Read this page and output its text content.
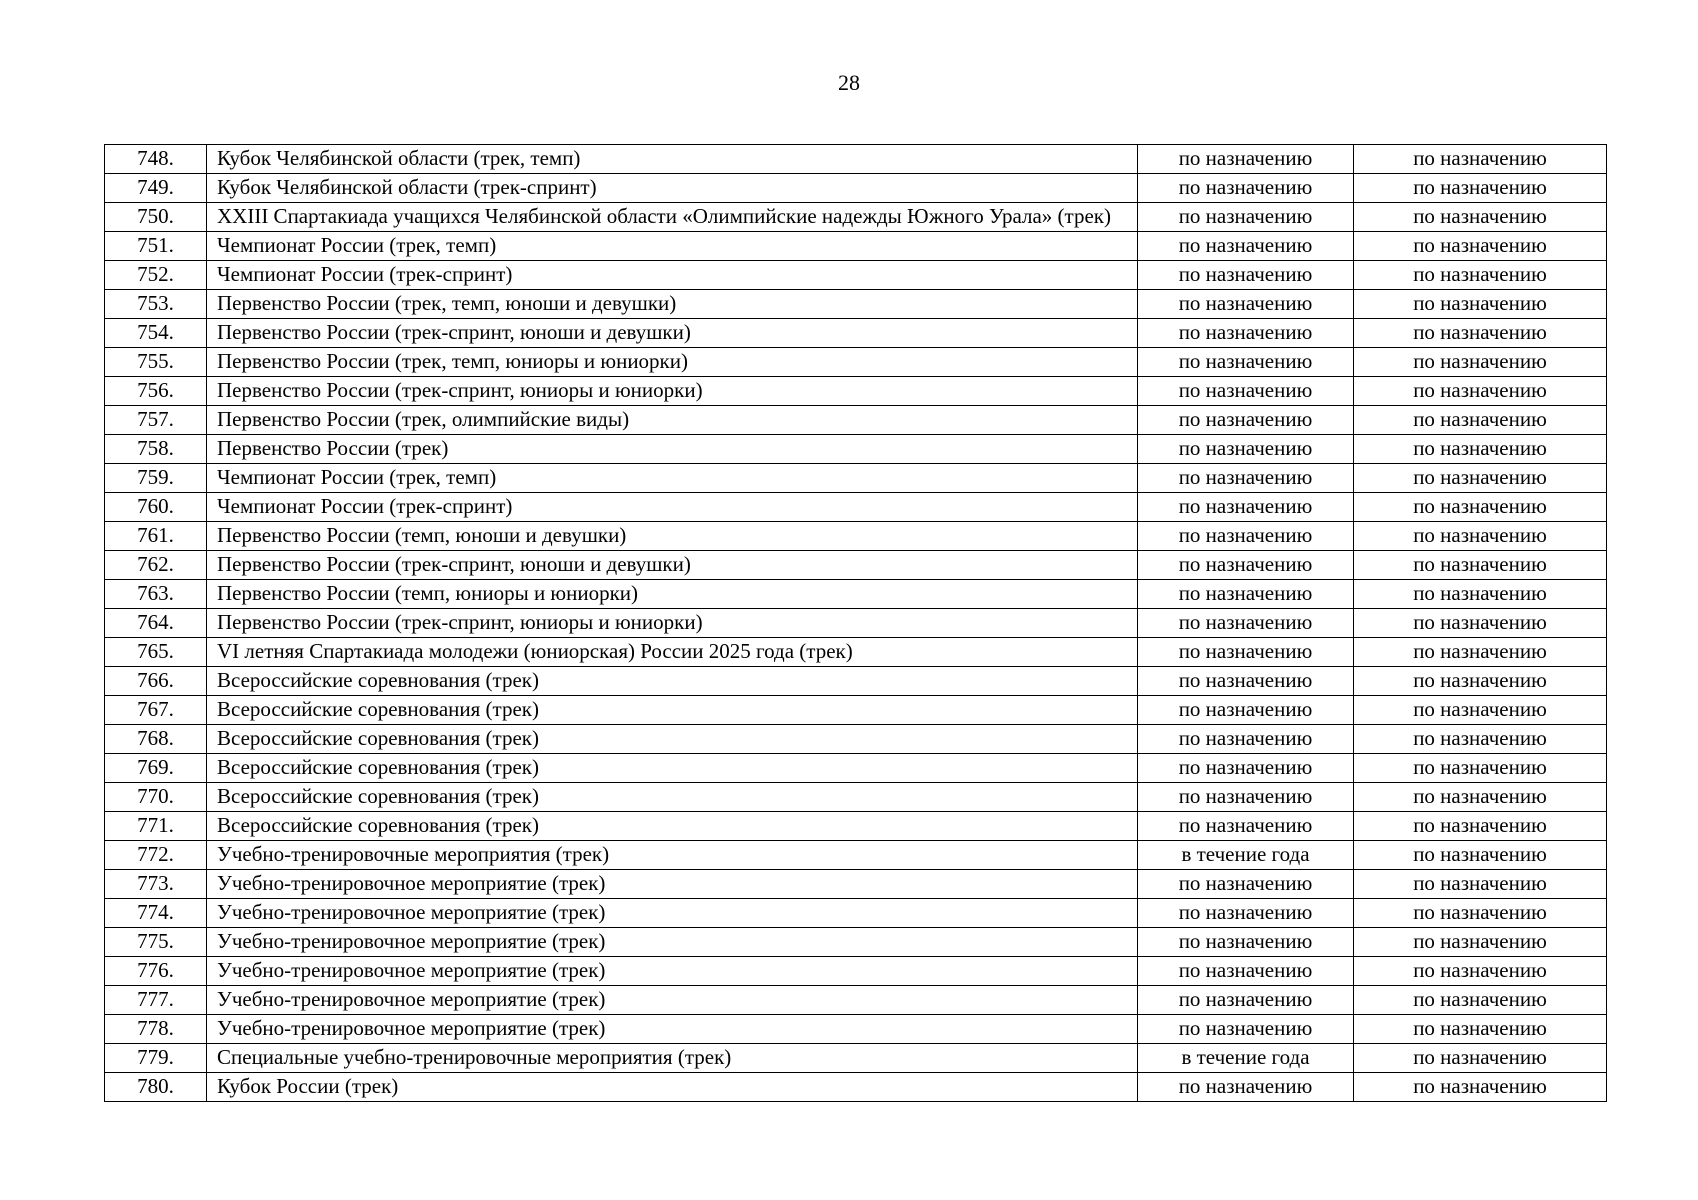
28
748.	Кубок Челябинской области (трек, темп)	по назначению	по назначению
749.	Кубок Челябинской области (трек-спринт)	по назначению	по назначению
750.	XXIII Спартакиада учащихся Челябинской области «Олимпийские надежды Южного Урала» (трек)	по назначению	по назначению
751.	Чемпионат России (трек, темп)	по назначению	по назначению
752.	Чемпионат России (трек-спринт)	по назначению	по назначению
753.	Первенство России (трек, темп, юноши и девушки)	по назначению	по назначению
754.	Первенство России (трек-спринт, юноши и девушки)	по назначению	по назначению
755.	Первенство России (трек, темп, юниоры и юниорки)	по назначению	по назначению
756.	Первенство России (трек-спринт, юниоры и юниорки)	по назначению	по назначению
757.	Первенство России (трек, олимпийские виды)	по назначению	по назначению
758.	Первенство России (трек)	по назначению	по назначению
759.	Чемпионат России (трек, темп)	по назначению	по назначению
760.	Чемпионат России (трек-спринт)	по назначению	по назначению
761.	Первенство России (темп, юноши и девушки)	по назначению	по назначению
762.	Первенство России (трек-спринт, юноши и девушки)	по назначению	по назначению
763.	Первенство России (темп, юниоры и юниорки)	по назначению	по назначению
764.	Первенство России (трек-спринт, юниоры и юниорки)	по назначению	по назначению
765.	VI летняя Спартакиада молодежи (юниорская) России 2025 года (трек)	по назначению	по назначению
766.	Всероссийские соревнования (трек)	по назначению	по назначению
767.	Всероссийские соревнования (трек)	по назначению	по назначению
768.	Всероссийские соревнования (трек)	по назначению	по назначению
769.	Всероссийские соревнования (трек)	по назначению	по назначению
770.	Всероссийские соревнования (трек)	по назначению	по назначению
771.	Всероссийские соревнования (трек)	по назначению	по назначению
772.	Учебно-тренировочные мероприятия (трек)	в течение года	по назначению
773.	Учебно-тренировочное мероприятие (трек)	по назначению	по назначению
774.	Учебно-тренировочное мероприятие (трек)	по назначению	по назначению
775.	Учебно-тренировочное мероприятие (трек)	по назначению	по назначению
776.	Учебно-тренировочное мероприятие (трек)	по назначению	по назначению
777.	Учебно-тренировочное мероприятие (трек)	по назначению	по назначению
778.	Учебно-тренировочное мероприятие (трек)	по назначению	по назначению
779.	Специальные учебно-тренировочные мероприятия (трек)	в течение года	по назначению
780.	Кубок России (трек)	по назначению	по назначению
